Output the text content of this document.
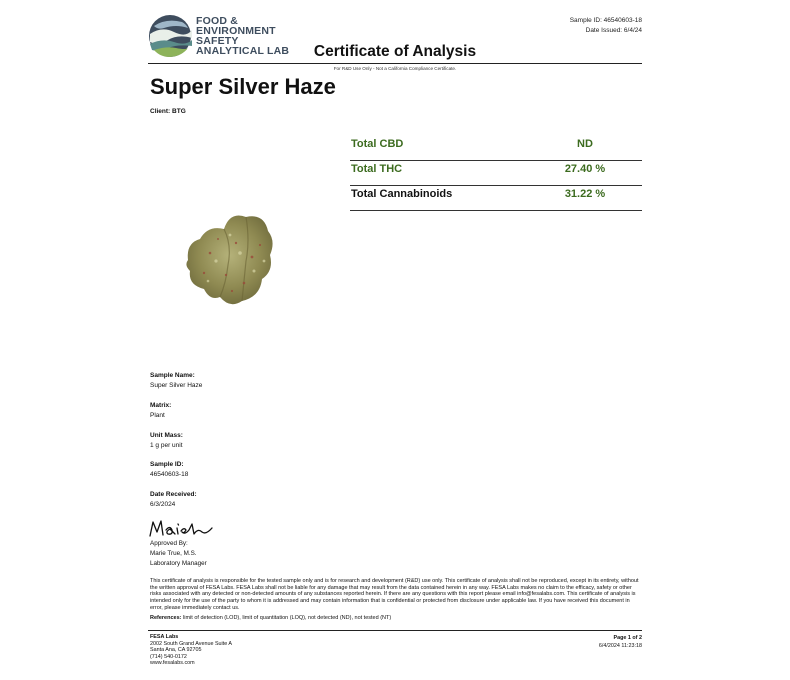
FOOD &
ENVIRONMENT
SAFETY
ANALYTICAL LAB
Sample ID: 46540603-18
Date Issued: 6/4/24
Certificate of Analysis
For R&D Use Only - Not a California Compliance Certificate.
Super Silver Haze
Client: BTG
Total CBD	ND
Total THC	27.40 %
Total Cannabinoids	31.22 %
Sample Name:
Super Silver Haze
Matrix:
Plant
Unit Mass:
1 g per unit
Sample ID:
46540603-18
Date Received:
6/3/2024
Approved By:
Marie True, M.S.
Laboratory Manager
This certificate of analysis is responsible for the tested sample only and is for research and development (R&D) use only. This certificate of analysis shall not be reproduced, except in its entirety, without the written approval of FESA Labs. FESA Labs shall not be liable for any damage that may result from the data contained herein in any way. FESA Labs makes no claim to the efficacy, safety or other risks associated with any detected or non-detected amounts of any substances reported herein. If there are any questions with this report please email info@fesalabs.com. This certificate of analysis is intended only for the use of the party to whom it is addressed and may contain information that is confidential or protected from disclosure under applicable law. If you have received this document in error, please immediately contact us.
References: limit of detection (LOD), limit of quantitation (LOQ), not detected (ND), not tested (NT)
FESA Labs
2002 South Grand Avenue Suite A
Santa Ana, CA 92705
(714) 540-0172
www.fesalabs.com
Page 1 of 2
6/4/2024 11:23:18
